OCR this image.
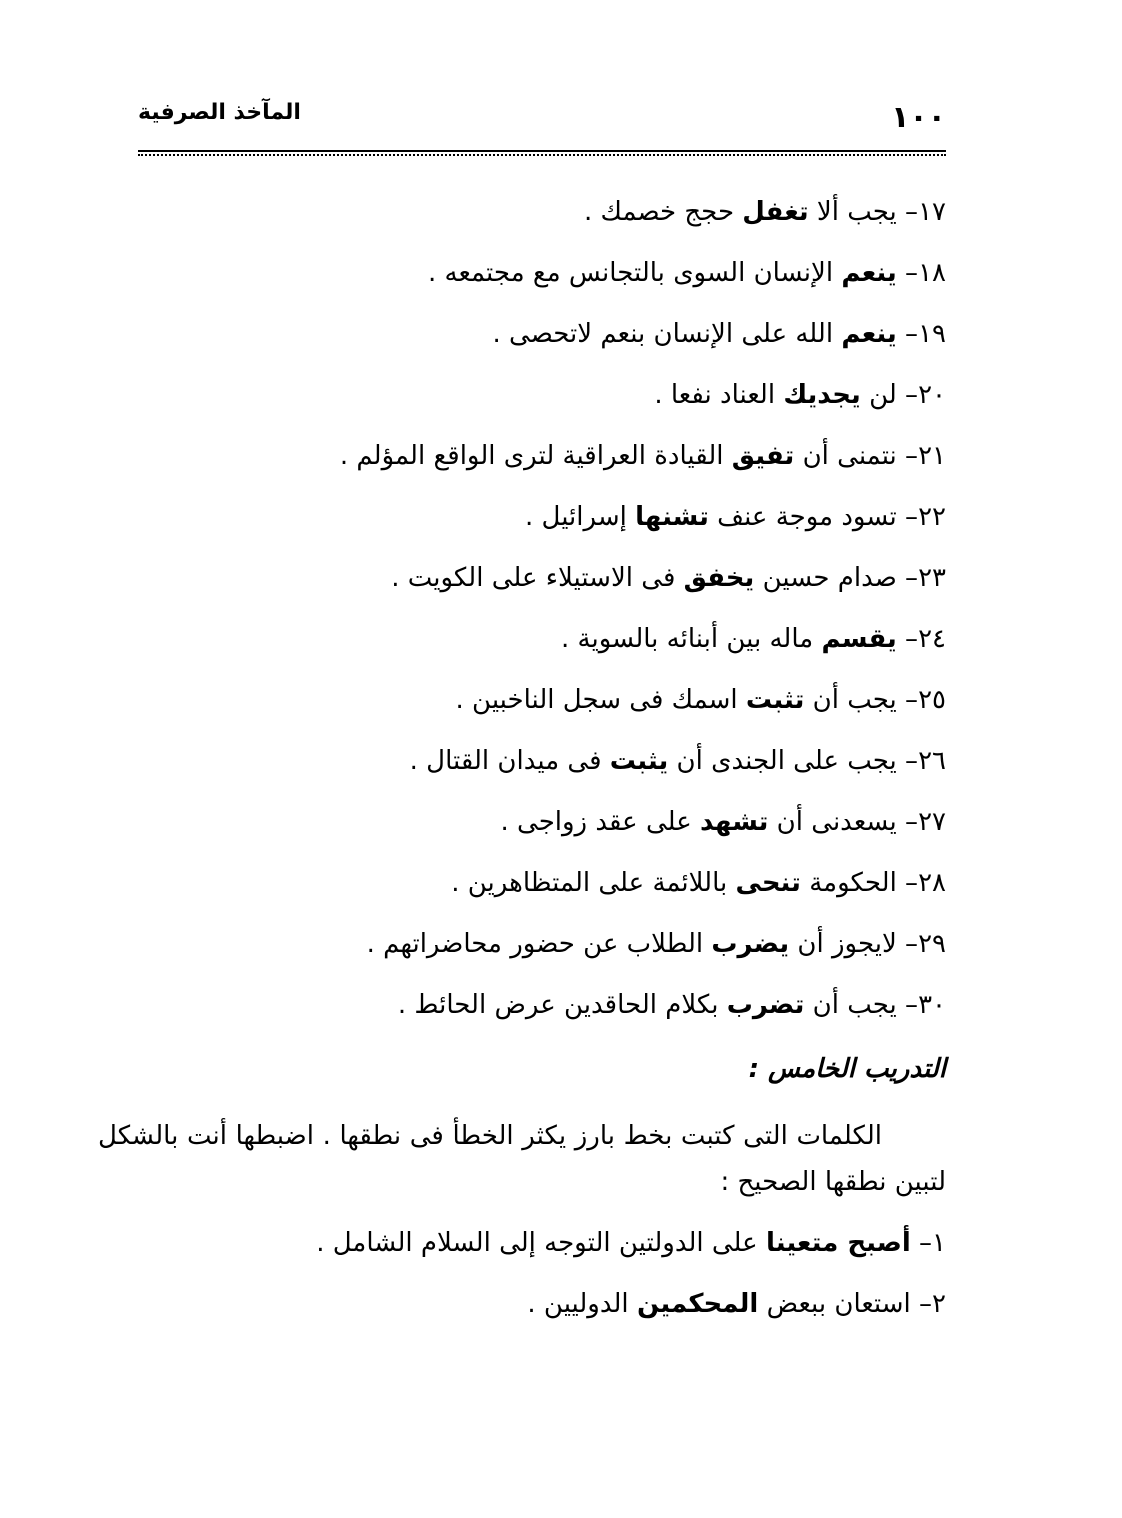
١٠٠
المآخذ الصرفية
١٧– يجب ألا تغفل حجج خصمك .
١٨– ينعم الإنسان السوى بالتجانس مع مجتمعه .
١٩– ينعم الله على الإنسان بنعم لاتحصى .
٢٠– لن يجديك العناد نفعا .
٢١– نتمنى أن تفيق القيادة العراقية لترى الواقع المؤلم .
٢٢– تسود موجة عنف تشنها إسرائيل .
٢٣– صدام حسين يخفق فى الاستيلاء على الكويت .
٢٤– يقسم ماله بين أبنائه بالسوية .
٢٥– يجب أن تثبت اسمك فى سجل الناخبين .
٢٦– يجب على الجندى أن يثبت فى ميدان القتال .
٢٧– يسعدنى أن تشهد على عقد زواجى .
٢٨– الحكومة تنحى باللائمة على المتظاهرين .
٢٩– لايجوز أن يضرب الطلاب عن حضور محاضراتهم .
٣٠– يجب أن تضرب بكلام الحاقدين عرض الحائط .
التدريب الخامس :
الكلمات التى كتبت بخط بارز يكثر الخطأ فى نطقها . اضبطها أنت بالشكل لتبين نطقها الصحيح :
١– أصبح متعينا على الدولتين التوجه إلى السلام الشامل .
٢– استعان ببعض المحكمين الدوليين .
